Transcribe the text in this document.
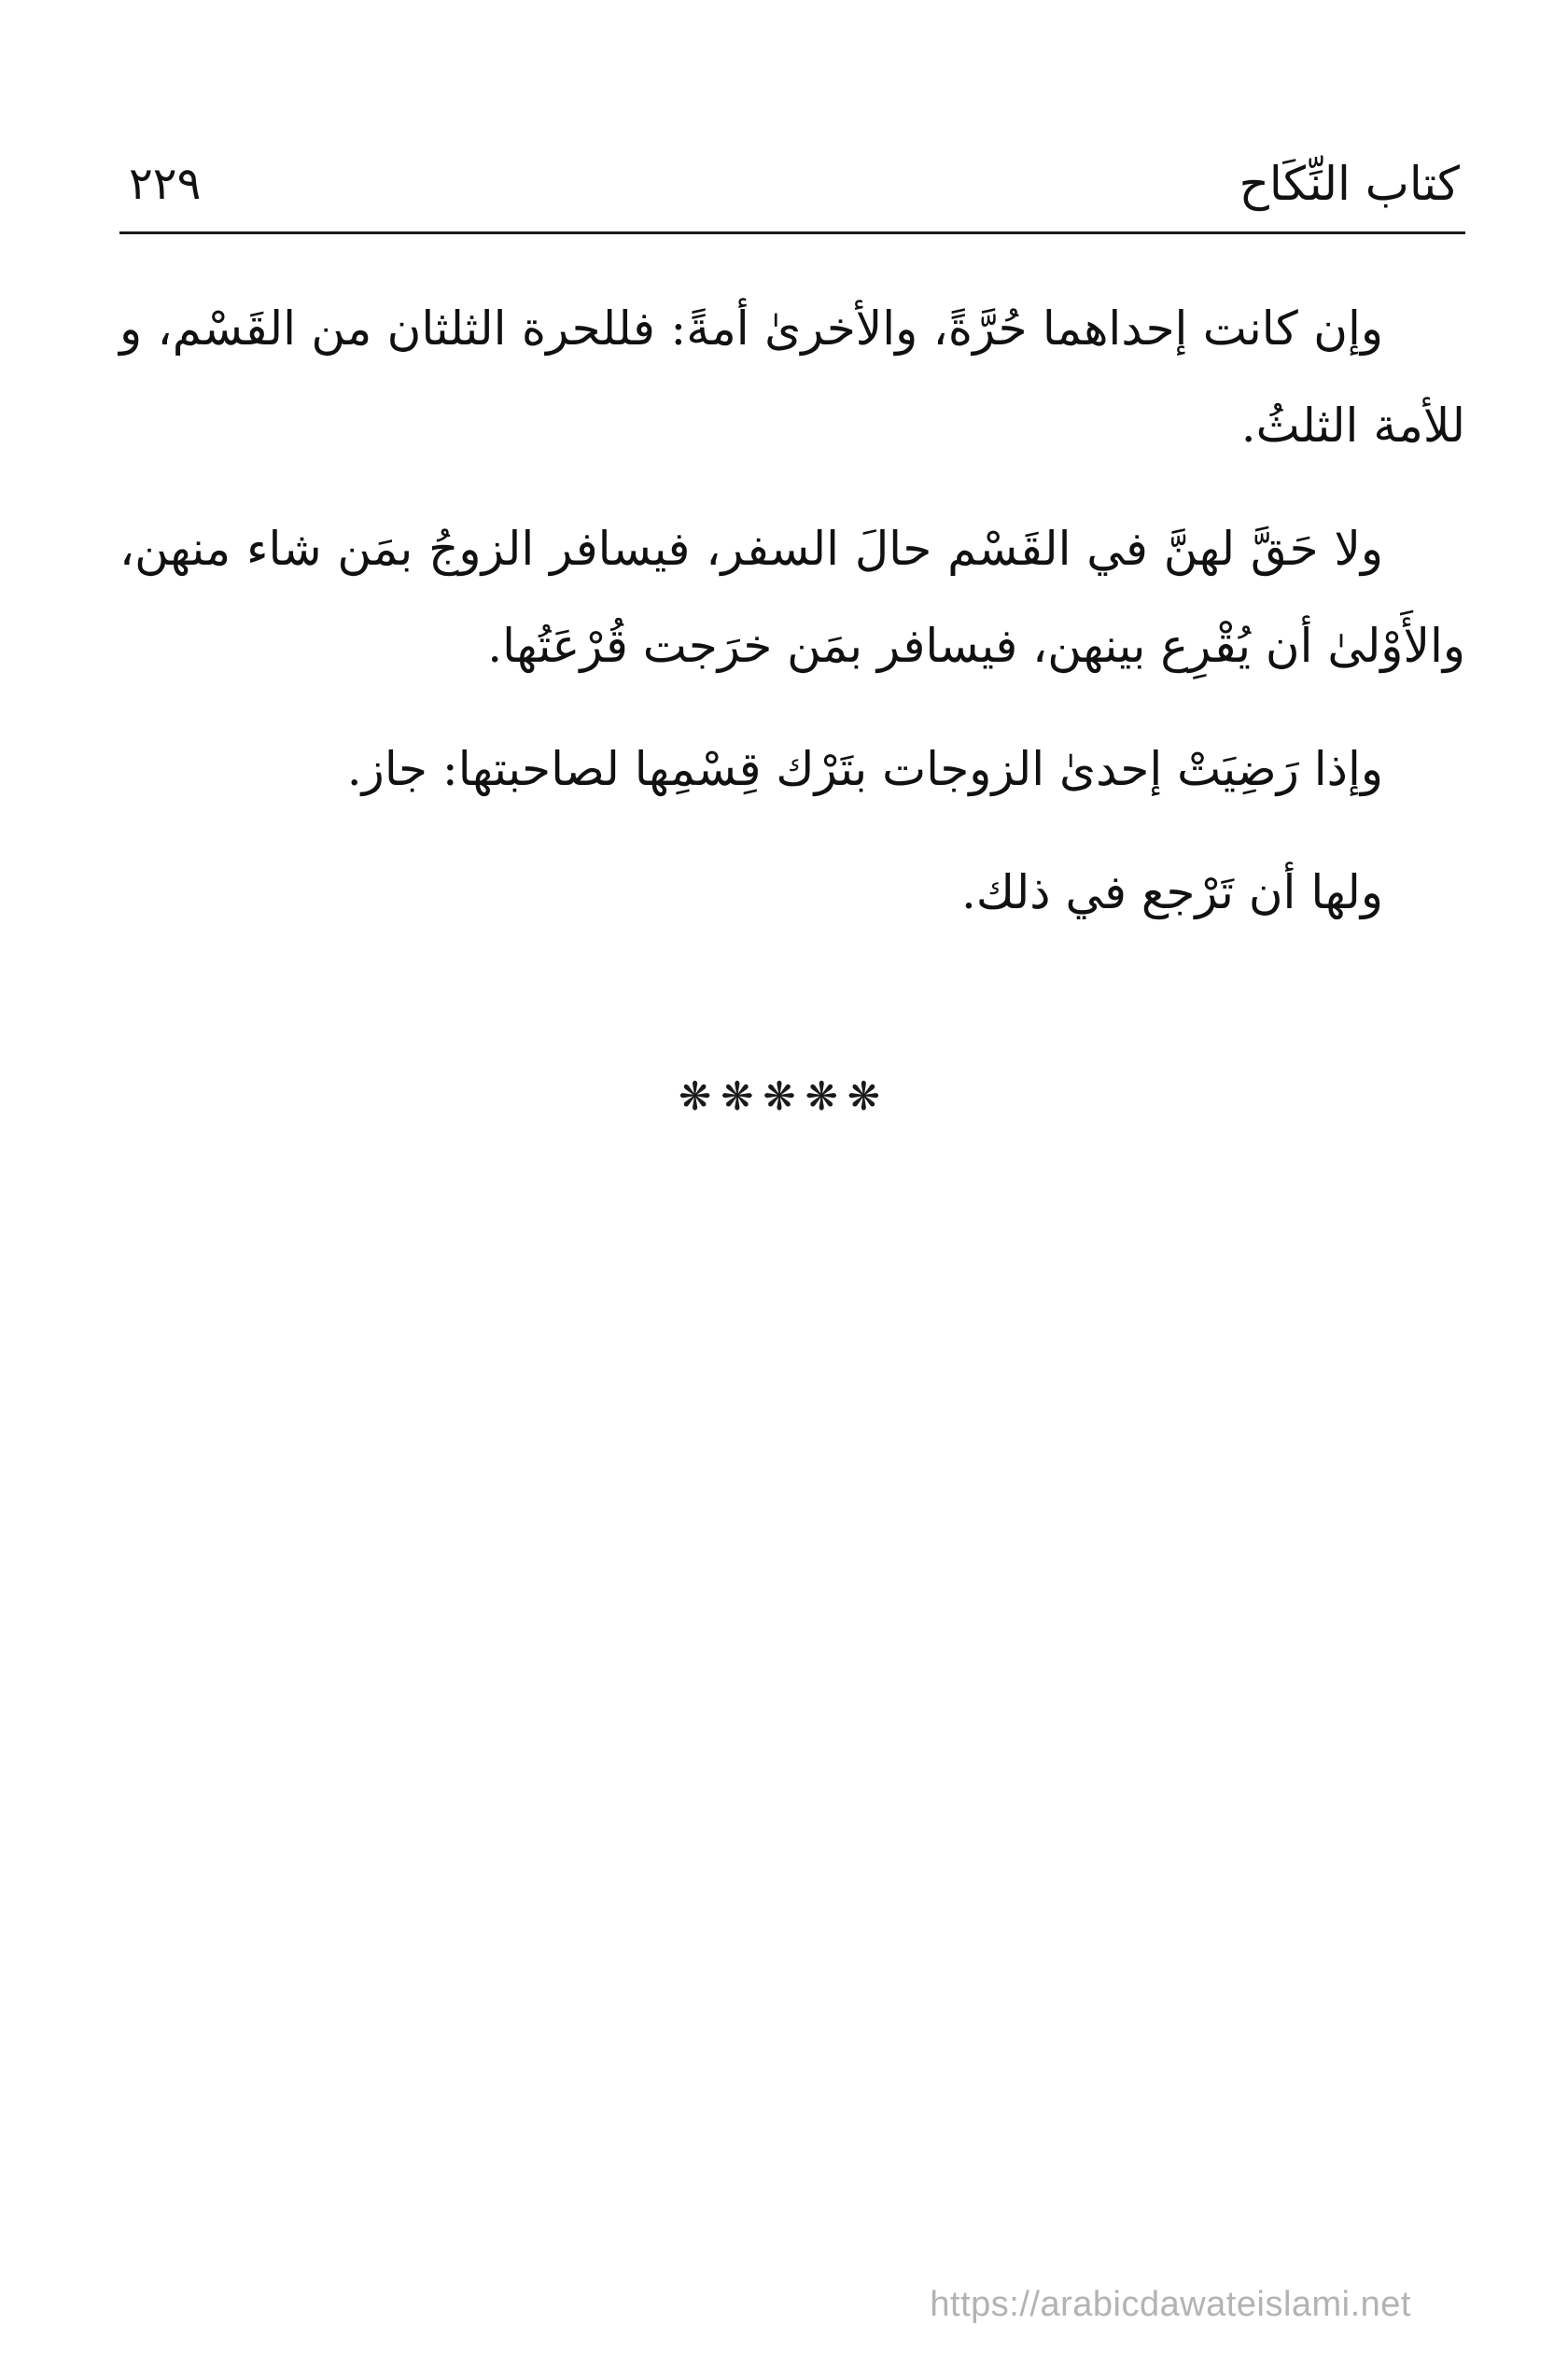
كتاب النِّكَاح
٢٢٩

وإن كانت إحداهما حُرَّةً، والأخرىٰ أمةً: فللحرة الثلثان من القَسْم، و للأمة الثلثُ.

ولا حَقَّ لهنَّ في القَسْم حالَ السفر، فيسافر الزوجُ بمَن شاء منهن، والأَوْلىٰ أن يُقْرِع بينهن، فيسافر بمَن خرَجت قُرْعَتُها.

وإذا رَضِيَتْ إحدىٰ الزوجات بتَرْك قِسْمِها لصاحبتها: جاز.

ولها أن تَرْجع في ذلك.

❋❋❋❋❋
https://arabicdawateislami.net
